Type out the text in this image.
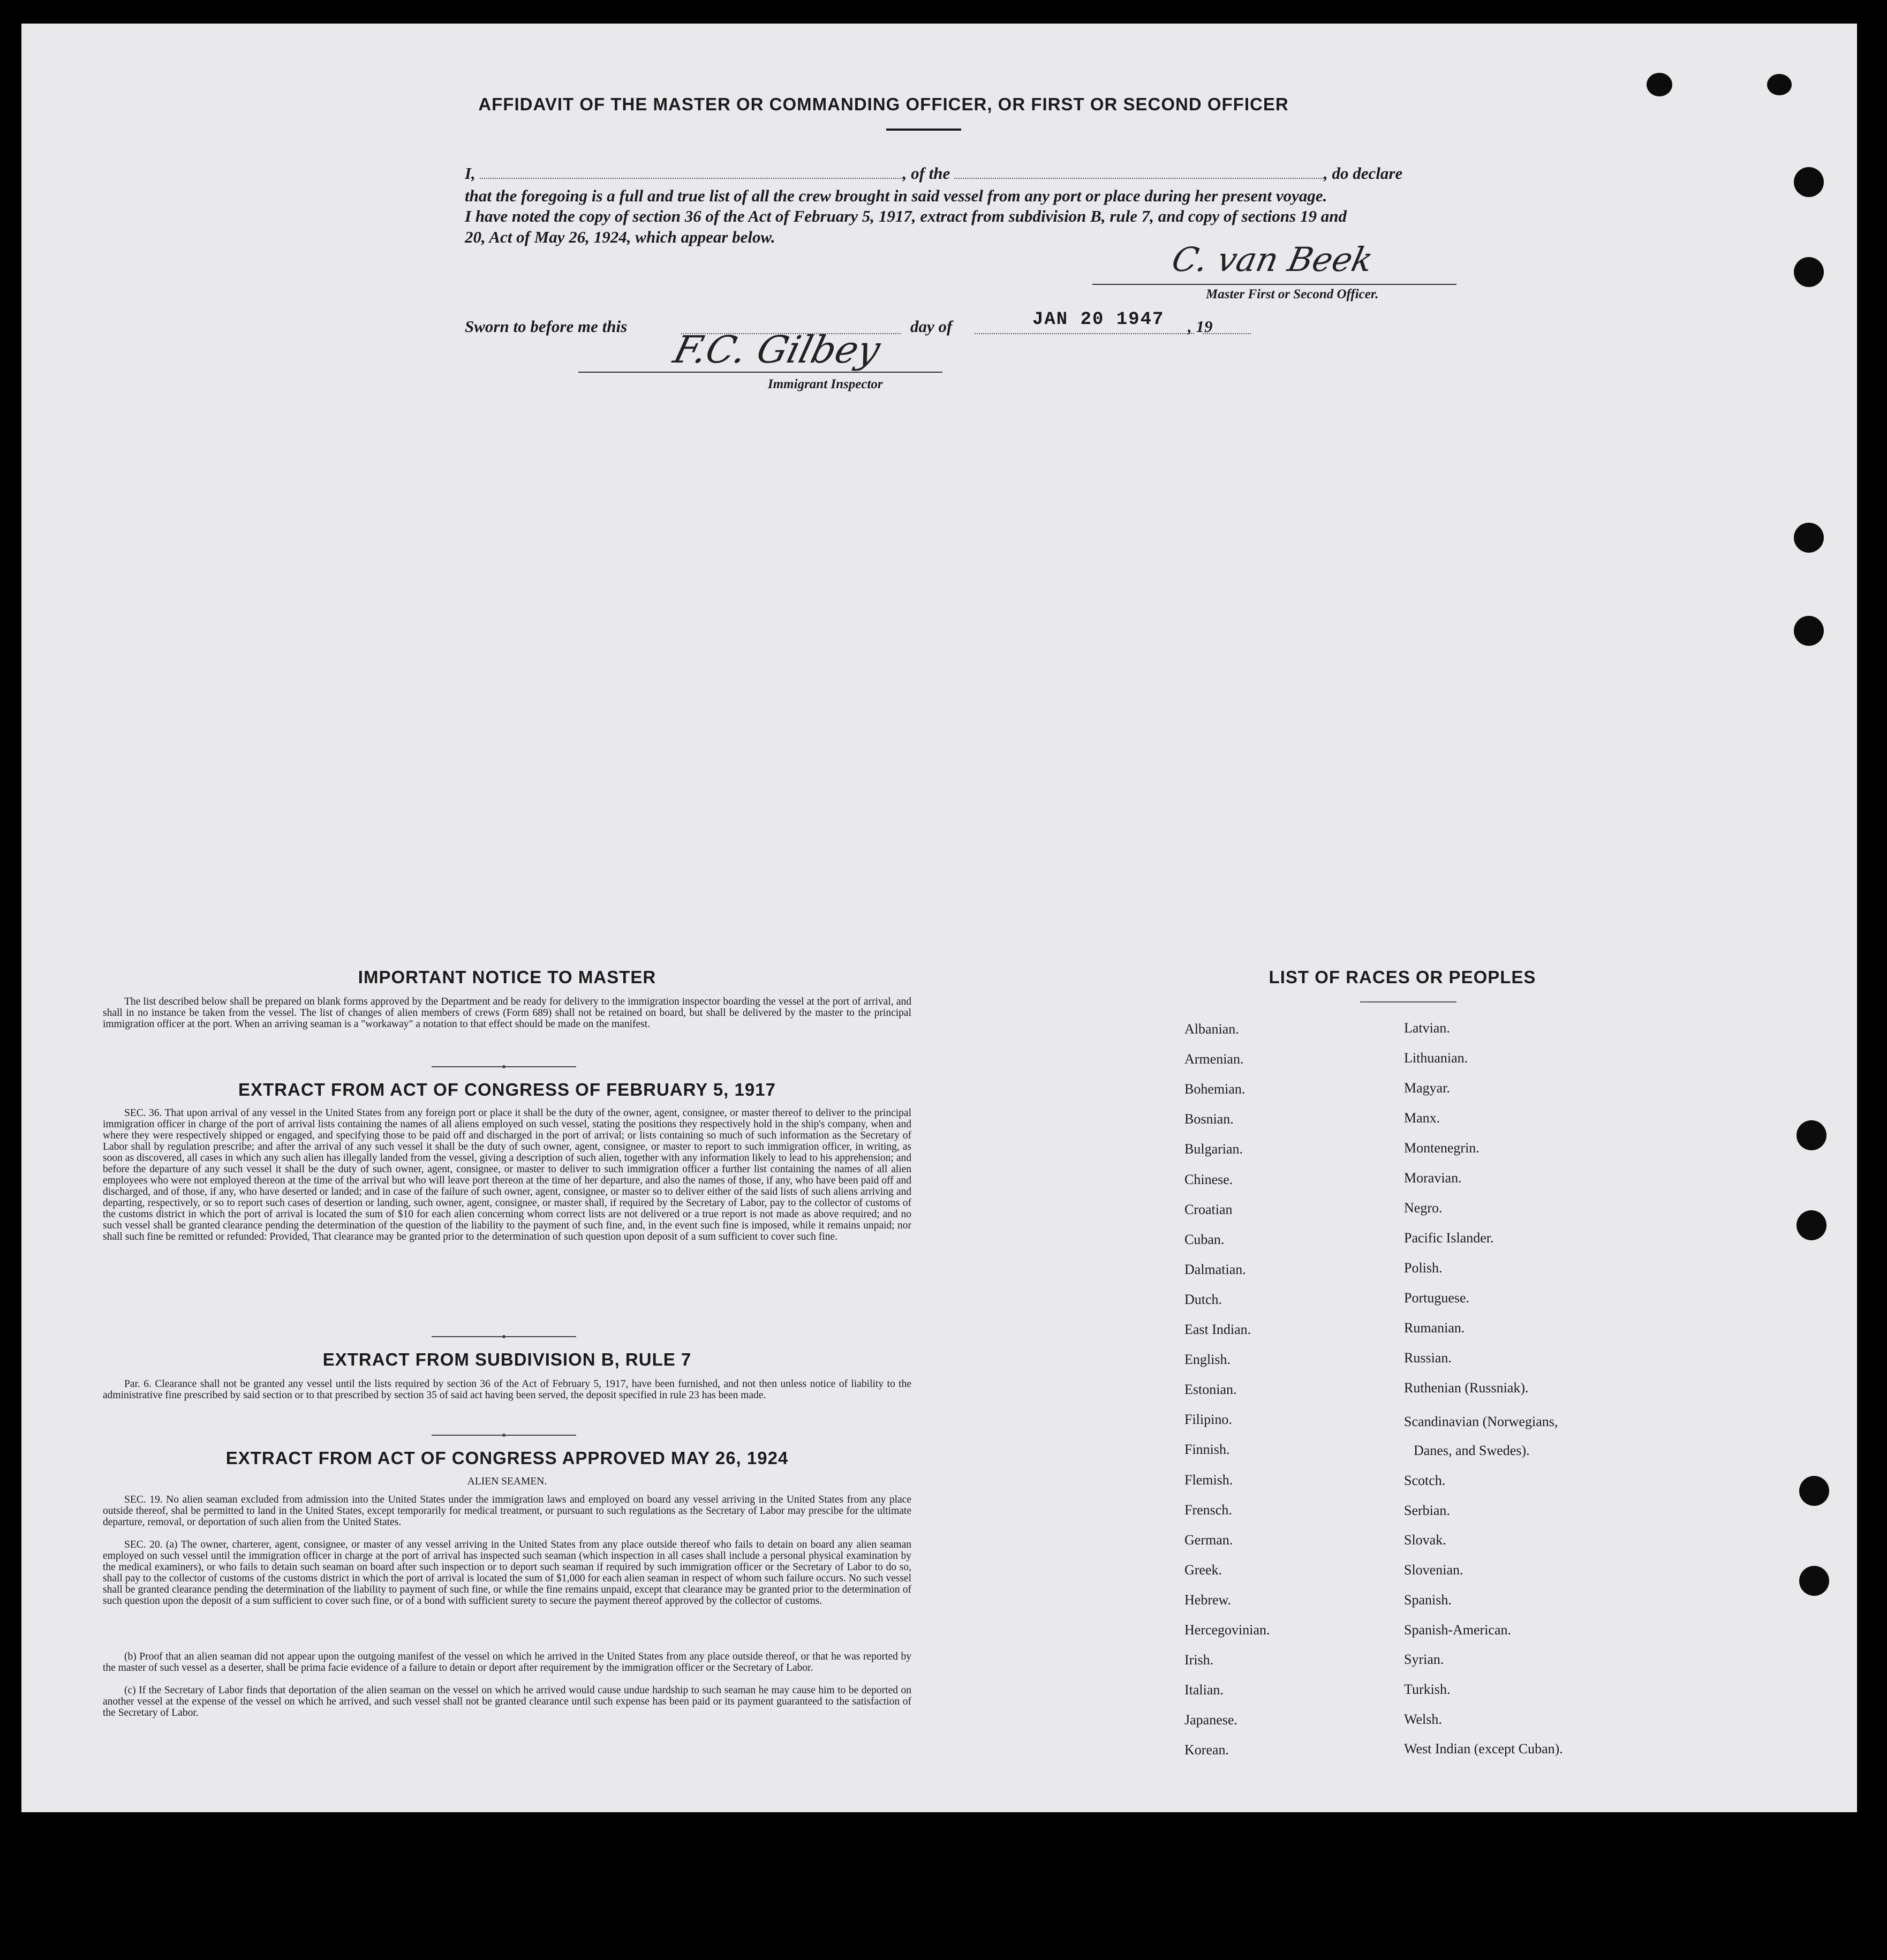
AFFIDAVIT OF THE MASTER OR COMMANDING OFFICER, OR FIRST OR SECOND OFFICER
I,	, of the	, do declare
that the foregoing is a full and true list of all the crew brought in said vessel from any port or place during her present voyage.
I have noted the copy of section 36 of the Act of February 5, 1917, extract from subdivision B, rule 7, and copy of sections 19 and
20, Act of May 26, 1924, which appear below.
C. van Beek
Master First or Second Officer.
Sworn to before me this	day of	JAN 20 1947 , 19
F.C. Gilbey
Immigrant Inspector
IMPORTANT NOTICE TO MASTER
The list described below shall be prepared on blank forms approved by the Department and be ready for delivery to the immigration inspector boarding the vessel at the port of arrival, and shall in no instance be taken from the vessel. The list of changes of alien members of crews (Form 689) shall not be retained on board, but shall be delivered by the master to the principal immigration officer at the port. When an arriving seaman is a "workaway" a notation to that effect should be made on the manifest.
EXTRACT FROM ACT OF CONGRESS OF FEBRUARY 5, 1917
SEC. 36. That upon arrival of any vessel in the United States from any foreign port or place it shall be the duty of the owner, agent, consignee, or master thereof to deliver to the principal immigration officer in charge of the port of arrival lists containing the names of all aliens employed on such vessel, stating the positions they respectively hold in the ship's company, when and where they were respectively shipped or engaged, and specifying those to be paid off and discharged in the port of arrival; or lists containing so much of such information as the Secretary of Labor shall by regulation prescribe; and after the arrival of any such vessel it shall be the duty of such owner, agent, consignee, or master to report to such immigration officer, in writing, as soon as discovered, all cases in which any such alien has illegally landed from the vessel, giving a description of such alien, together with any information likely to lead to his apprehension; and before the departure of any such vessel it shall be the duty of such owner, agent, consignee, or master to deliver to such immigration officer a further list containing the names of all alien employees who were not employed thereon at the time of the arrival but who will leave port thereon at the time of her departure, and also the names of those, if any, who have been paid off and discharged, and of those, if any, who have deserted or landed; and in case of the failure of such owner, agent, consignee, or master so to deliver either of the said lists of such aliens arriving and departing, respectively, or so to report such cases of desertion or landing, such owner, agent, consignee, or master shall, if required by the Secretary of Labor, pay to the collector of customs of the customs district in which the port of arrival is located the sum of $10 for each alien concerning whom correct lists are not delivered or a true report is not made as above required; and no such vessel shall be granted clearance pending the determination of the question of the liability to the payment of such fine, and, in the event such fine is imposed, while it remains unpaid; nor shall such fine be remitted or refunded: Provided, That clearance may be granted prior to the determination of such question upon deposit of a sum sufficient to cover such fine.
EXTRACT FROM SUBDIVISION B, RULE 7
Par. 6. Clearance shall not be granted any vessel until the lists required by section 36 of the Act of February 5, 1917, have been furnished, and not then unless notice of liability to the administrative fine prescribed by said section or to that prescribed by section 35 of said act having been served, the deposit specified in rule 23 has been made.
EXTRACT FROM ACT OF CONGRESS APPROVED MAY 26, 1924
ALIEN SEAMEN.
SEC. 19. No alien seaman excluded from admission into the United States under the immigration laws and employed on board any vessel arriving in the United States from any place outside thereof, shal be permitted to land in the United States, except temporarily for medical treatment, or pursuant to such regulations as the Secretary of Labor may prescibe for the ultimate departure, removal, or deportation of such alien from the United States.
SEC. 20. (a) The owner, charterer, agent, consignee, or master of any vessel arriving in the United States from any place outside thereof who fails to detain on board any alien seaman employed on such vessel until the immigration officer in charge at the port of arrival has inspected such seaman (which inspection in all cases shall include a personal physical examination by the medical examiners), or who fails to detain such seaman on board after such inspection or to deport such seaman if required by such immigration officer or the Secretary of Labor to do so, shall pay to the collector of customs of the customs district in which the port of arrival is located the sum of $1,000 for each alien seaman in respect of whom such failure occurs. No such vessel shall be granted clearance pending the determination of the liability to payment of such fine, or while the fine remains unpaid, except that clearance may be granted prior to the determination of such question upon the deposit of a sum sufficient to cover such fine, or of a bond with sufficient surety to secure the payment thereof approved by the collector of customs.
(b) Proof that an alien seaman did not appear upon the outgoing manifest of the vessel on which he arrived in the United States from any place outside thereof, or that he was reported by the master of such vessel as a deserter, shall be prima facie evidence of a failure to detain or deport after requirement by the immigration officer or the Secretary of Labor.
(c) If the Secretary of Labor finds that deportation of the alien seaman on the vessel on which he arrived would cause undue hardship to such seaman he may cause him to be deported on another vessel at the expense of the vessel on which he arrived, and such vessel shall not be granted clearance until such expense has been paid or its payment guaranteed to the satisfaction of the Secretary of Labor.
LIST OF RACES OR PEOPLES
Albanian.
Armenian.
Bohemian.
Bosnian.
Bulgarian.
Chinese.
Croatian
Cuban.
Dalmatian.
Dutch.
East Indian.
English.
Estonian.
Filipino.
Finnish.
Flemish.
Frensch.
German.
Greek.
Hebrew.
Hercegovinian.
Irish.
Italian.
Japanese.
Korean.
Latvian.
Lithuanian.
Magyar.
Manx.
Montenegrin.
Moravian.
Negro.
Pacific Islander.
Polish.
Portuguese.
Rumanian.
Russian.
Ruthenian (Russniak).
Scandinavian (Norwegians,
Danes, and Swedes).
Scotch.
Serbian.
Slovak.
Slovenian.
Spanish.
Spanish-American.
Syrian.
Turkish.
Welsh.
West Indian (except Cuban).
